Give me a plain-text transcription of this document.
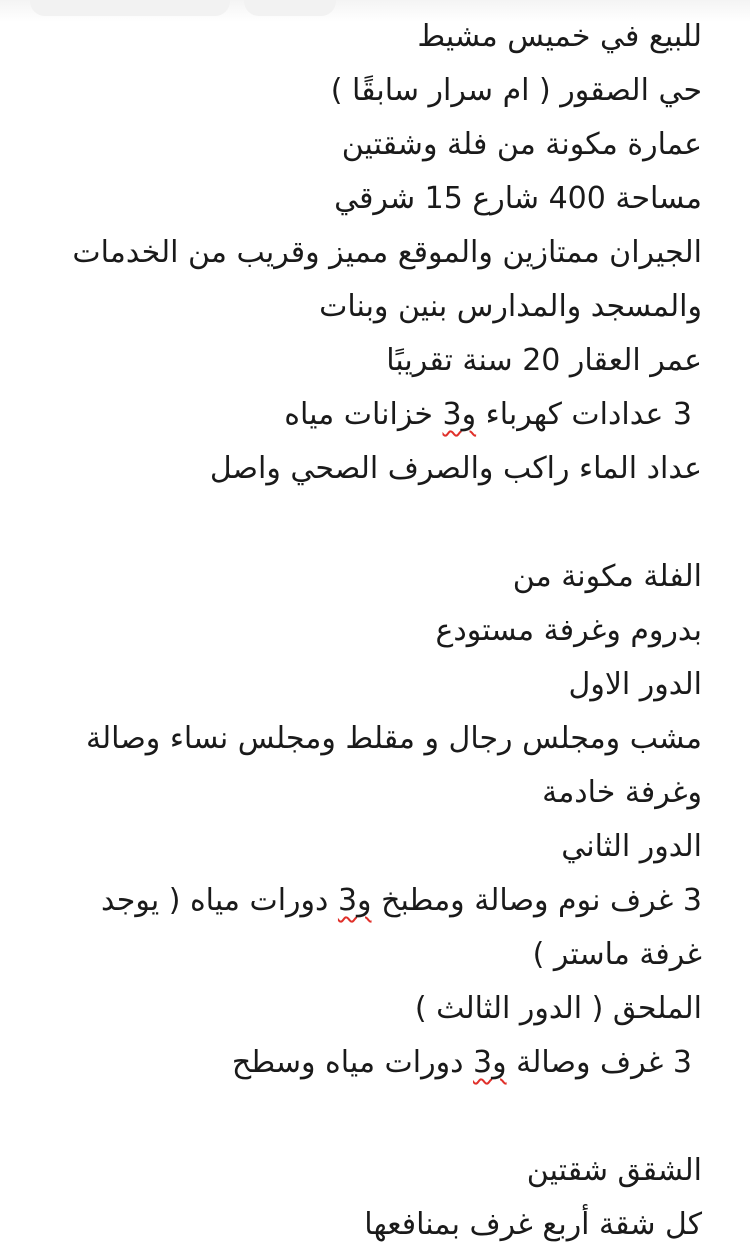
للبيع في خميس مشيط
حي الصقور ( ام سرار سابقًا )
عمارة مكونة من فلة وشقتين
مساحة 400 شارع 15 شرقي
الجيران ممتازين والموقع مميز وقريب من الخدمات
والمسجد والمدارس بنين وبنات
عمر العقار 20 سنة تقريبًا
3 عدادات كهرباء و3 خزانات مياه
عداد الماء راكب والصرف الصحي واصل
الفلة مكونة من
بدروم وغرفة مستودع
الدور الاول
مشب ومجلس رجال و مقلط ومجلس نساء وصالة
وغرفة خادمة
الدور الثاني
3 غرف نوم وصالة ومطبخ و3 دورات مياه ( يوجد
غرفة ماستر )
الملحق ( الدور الثالث )
3 غرف وصالة و3 دورات مياه وسطح
الشقق شقتين
كل شقة أربع غرف بمنافعها
